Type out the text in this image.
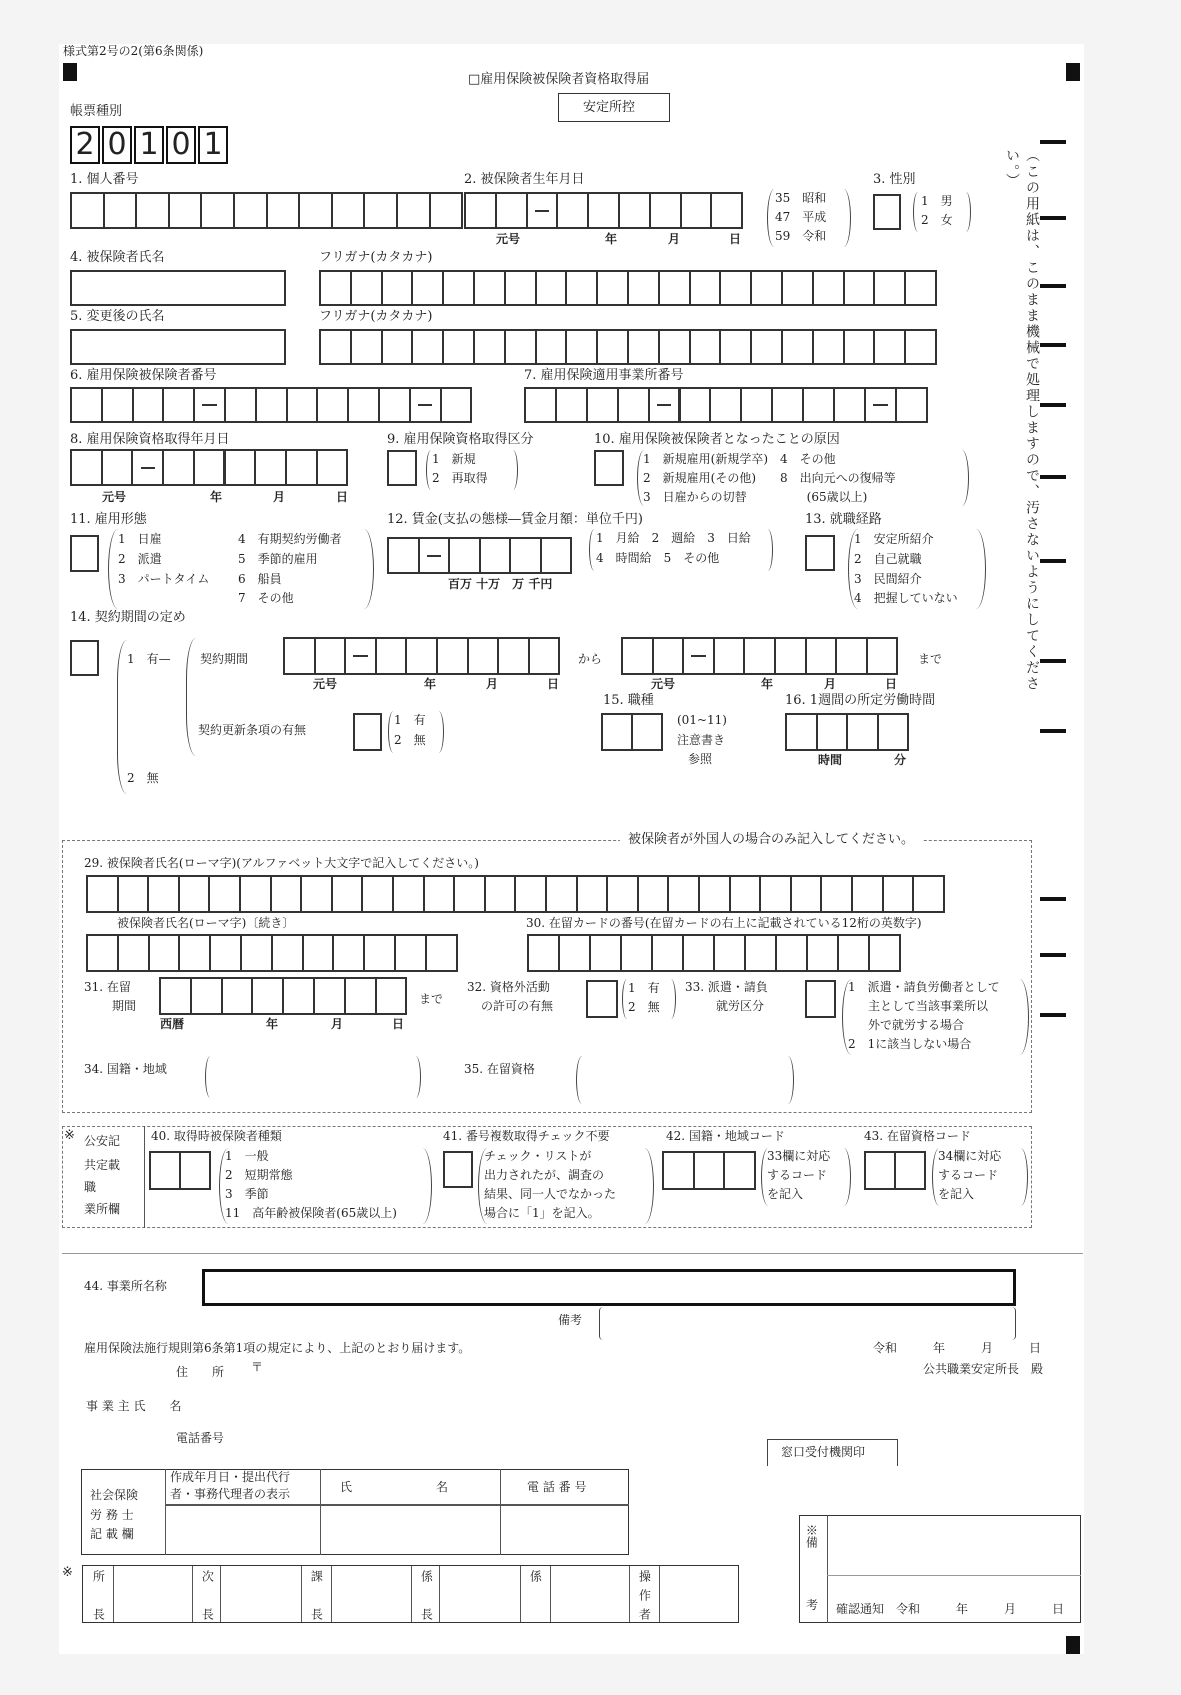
様式第2号の2(第6条関係)
□雇用保険被保険者資格取得届
安定所控
帳票種別
（この用紙は、このまま機械で処理しますので、汚さないようにしてください。）
1. 個人番号	2. 被保険者生年月日
元号	年	月	日
35　昭和
47　平成
59　令和
3. 性別
1　男
2　女
4. 被保険者氏名	フリガナ(カタカナ)
5. 変更後の氏名	フリガナ(カタカナ)
6. 雇用保険被保険者番号	7. 雇用保険適用事業所番号
8. 雇用保険資格取得年月日
元号	年	月	日
9. 雇用保険資格取得区分
1　新規
2　再取得
10. 雇用保険被保険者となったことの原因
1　新規雇用(新規学卒)　4　その他
2　新規雇用(その他)　　8　出向元への復帰等
3　日雇からの切替　　　　　(65歳以上)
11. 雇用形態
1　日雇
2　派遣
3　パートタイム
4　有期契約労働者
5　季節的雇用
6　船員
7　その他
12. 賃金(支払の態様―賃金月額：単位千円)
百万 十万　万 千円
1　月給　2　週給　3　日給
4　時間給　5　その他
13. 就職経路
1　安定所紹介
2　自己就職
3　民間紹介
4　把握していない
14. 契約期間の定め
1　有— 契約期間
元号	年	月	日
から
元号	年	月	日
まで
契約更新条項の有無
1　有
2　無
2　無
15. 職種
(01~11)
注意書き
参照
16. 1週間の所定労働時間
時間	分
被保険者が外国人の場合のみ記入してください。
29. 被保険者氏名(ローマ字)(アルファベット大文字で記入してください。)
被保険者氏名(ローマ字)〔続き〕	30. 在留カードの番号(在留カードの右上に記載されている12桁の英数字)
31. 在留
期間
西暦	年	月	日
まで
32. 資格外活動
の許可の有無
1　有
2　無
33. 派遣・請負
就労区分
1　派遣・請負労働者として
主として当該事業所以
外で就労する場合
2　1に該当しない場合
34. 国籍・地域	35. 在留資格
※ 公安記
共定載
職
業所欄
40. 取得時被保険者種類
1　一般
2　短期常態
3　季節
11　高年齢被保険者(65歳以上)
41. 番号複数取得チェック不要
チェック・リストが
出力されたが、調査の
結果、同一人でなかった
場合に「1」を記入。
42. 国籍・地域コード
33欄に対応
するコード
を記入
43. 在留資格コード
34欄に対応
するコード
を記入
44. 事業所名称
備考
雇用保険法施行規則第6条第1項の規定により、上記のとおり届けます。	令和　　　年　　　月　　　日
住　　所 〒	公共職業安定所長　殿
事 業 主 氏　　名
電話番号
窓口受付機関印
社会保険
労 務 士
記 載 欄
作成年月日・提出代行
者・事務代理者の表示	氏　　　　　　　名	電 話 番 号
※ 所長	次長	課長	係長	係	操作者
※備
考 確認通知　令和　　　年　　　月　　　日
2 0 1 0 1
